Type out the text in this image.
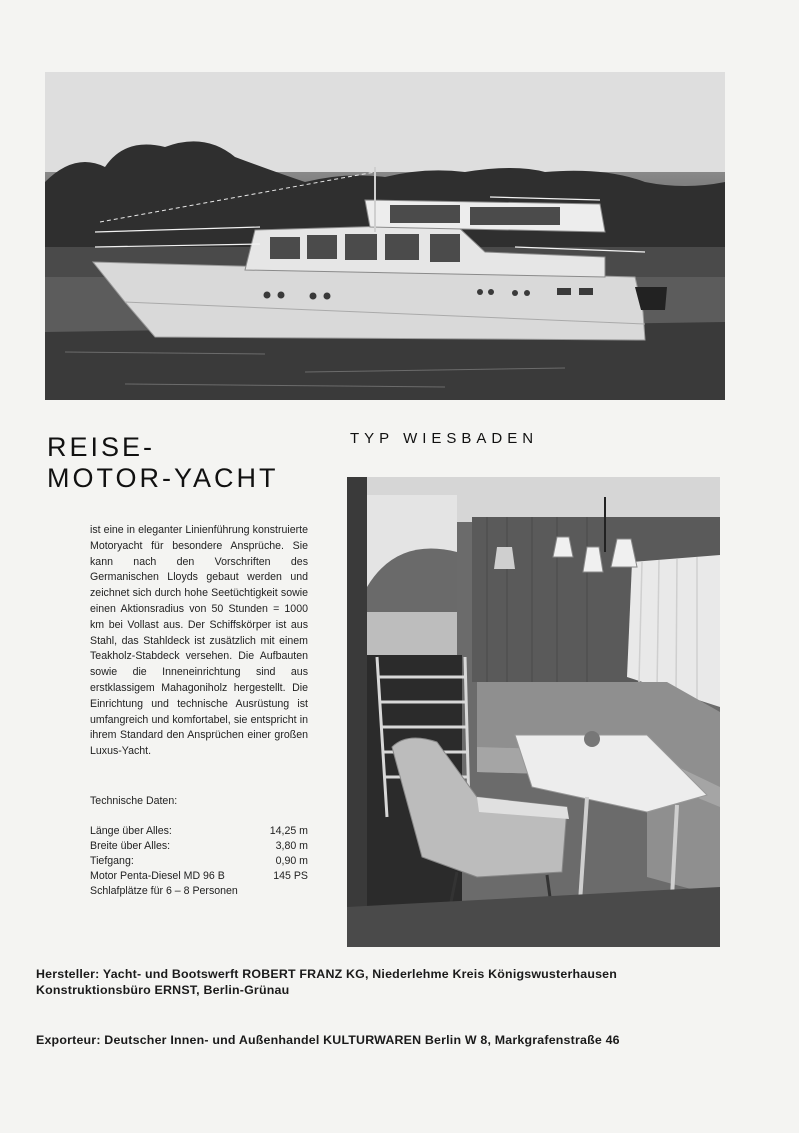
REISE-
MOTOR-YACHT
TYP WIESBADEN

ist eine in eleganter Linienführung konstruierte Motoryacht für besondere Ansprüche. Sie kann nach den Vorschriften des Germanischen Lloyds gebaut werden und zeichnet sich durch hohe Seetüchtigkeit sowie einen Aktionsradius von 50 Stunden = 1000 km bei Vollast aus. Der Schiffskörper ist aus Stahl, das Stahldeck ist zusätzlich mit einem Teakholz-Stabdeck versehen. Die Aufbauten sowie die Inneneinrichtung sind aus erstklassigem Mahagoniholz hergestellt. Die Einrichtung und technische Ausrüstung ist umfangreich und komfortabel, sie entspricht in ihrem Standard den Ansprüchen einer großen Luxus-Yacht.

Technische Daten:
Länge über Alles:	14,25 m
Breite über Alles:	3,80 m
Tiefgang:	0,90 m
Motor Penta-Diesel MD 96 B	145 PS
Schlafplätze für 6 – 8 Personen
Hersteller: Yacht- und Bootswerft ROBERT FRANZ KG, Niederlehme Kreis Königswusterhausen
Konstruktionsbüro ERNST, Berlin-Grünau
Exporteur: Deutscher Innen- und Außenhandel KULTURWAREN Berlin W 8, Markgrafenstraße 46
